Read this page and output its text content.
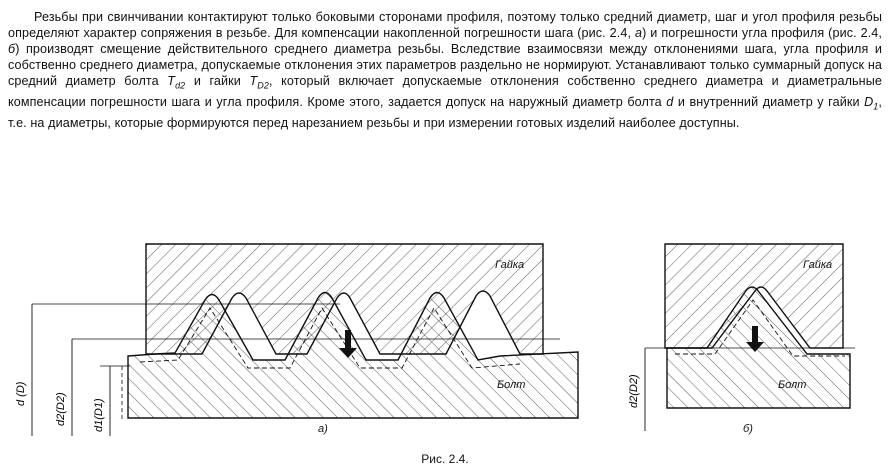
Резьбы при свинчивании контактируют только боковыми сторонами профиля, поэтому только средний диаметр, шаг и угол профиля резьбы определяют характер сопряжения в резьбе. Для компенсации накопленной погрешности шага (рис. 2.4, а) и погрешности угла профиля (рис. 2.4, б) производят смещение действительного среднего диаметра резьбы. Вследствие взаимосвязи между отклонениями шага, угла профиля и собственно среднего диаметра, допускаемые отклонения этих параметров раздельно не нормируют. Устанавливают только суммарный допуск на средний диаметр болта $T_{d2}$ и гайки $T_{D2}$, который включает допускаемые отклонения собственно среднего диаметра и диаметральные компенсации погрешности шага и угла профиля. Кроме этого, задается допуск на наружный диаметр болта d и внутренний диаметр у гайки $D_1$, т.е. на диаметры, которые формируются перед нарезанием резьбы и при измерении готовых изделий наиболее доступны.

d (D)	d2(D2) d1(D1)
Гайка
Болт
а)
d2(D2)
Гайка
Болт
б)
Рис. 2.4.
